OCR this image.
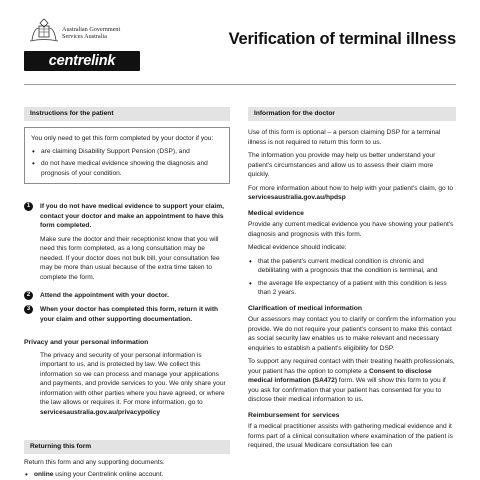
Australian Government
Services Australia
centrelink
Verification of terminal illness
Instructions for the patient

You only need to get this form completed by your doctor if you:

• are claiming Disability Support Pension (DSP), and
• do not have medical evidence showing the diagnosis and prognosis of your condition.
1	If you do not have medical evidence to support your claim, contact your doctor and make an appointment to have this form completed.
Make sure the doctor and their receptionist know that you will need this form completed, as a long consultation may be needed. If your doctor does not bulk bill, your consultation fee may be more than usual because of the extra time taken to complete the form.
2	Attend the appointment with your doctor.
3	When your doctor has completed this form, return it with your claim and other supporting documentation.
Privacy and your personal information
The privacy and security of your personal information is important to us, and is protected by law. We collect this information so we can process and manage your applications and payments, and provide services to you. We only share your information with other parties where you have agreed, or where the law allows or requires it. For more information, go to servicesaustralia.gov.au/privacypolicy
Returning this form
Return this form and any supporting documents:
• online using your Centrelink online account.
Information for the doctor
Use of this form is optional – a person claiming DSP for a terminal illness is not required to return this form to us.
The information you provide may help us better understand your patient's circumstances and allow us to assess their claim more quickly.
For more information about how to help with your patient's claim, go to servicesaustralia.gov.au/hpdsp
Medical evidence
Provide any current medical evidence you have showing your patient's diagnosis and prognosis with this form.
Medical evidence should indicate:
• that the patient's current medical condition is chronic and debilitating with a prognosis that the condition is terminal, and
• the average life expectancy of a patient with this condition is less than 2 years.
Clarification of medical information
Our assessors may contact you to clarify or confirm the information you provide. We do not require your patient's consent to make this contact as social security law enables us to make relevant and necessary enquiries to establish a patient's eligibility for DSP.
To support any required contact with their treating health professionals, your patient has the option to complete a Consent to disclose medical information (SA472) form. We will show this form to you if you ask for confirmation that your patient has consented for you to disclose their medical information to us.
Reimbursement for services
If a medical practitioner assists with gathering medical evidence and it forms part of a clinical consultation where examination of the patient is required, the usual Medicare consultation fee can
